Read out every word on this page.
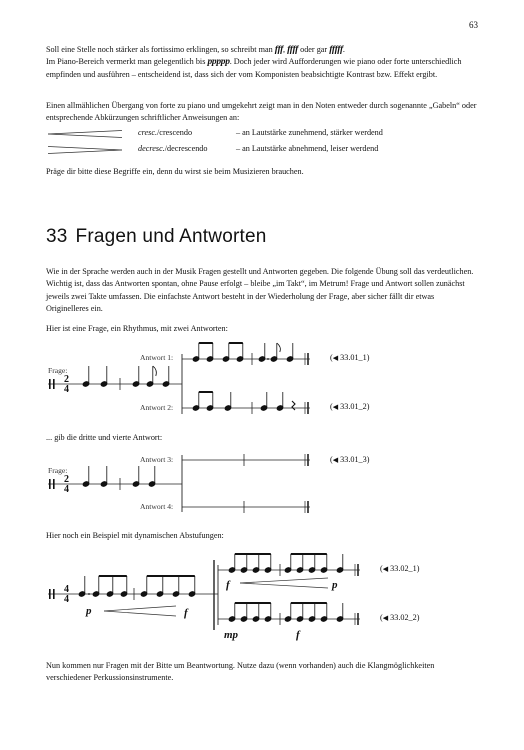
63

Soll eine Stelle noch stärker als fortissimo erklingen, so schreibt man fff, ffff oder gar fffff.
Im Piano-Bereich vermerkt man gelegentlich bis ppppp. Doch jeder wird Aufforderungen wie piano oder forte unterschiedlich empfinden und ausführen – entscheidend ist, dass sich der vom Komponisten beabsichtigte Kontrast bzw. Effekt ergibt.

Einen allmählichen Übergang von forte zu piano und umgekehrt zeigt man in den Noten entweder durch sogenannte „Gabeln“ oder entsprechende Abkürzungen schriftlicher Anweisungen an:

cresc./crescendo	– an Lautstärke zunehmend, stärker werdend
decresc./decrescendo	– an Lautstärke abnehmend, leiser werdend

Präge dir bitte diese Begriffe ein, denn du wirst sie beim Musizieren brauchen.

33 Fragen und Antworten

Wie in der Sprache werden auch in der Musik Fragen gestellt und Antworten gegeben. Die folgende Übung soll das verdeutlichen. Wichtig ist, dass das Antworten spontan, ohne Pause erfolgt – bleibe „im Takt“, im Metrum! Frage und Antwort sollen zunächst jeweils zwei Takte umfassen. Die einfachste Antwort besteht in der Wiederholung der Frage, aber sicher fällt dir etwas Originelleres ein.

Hier ist eine Frage, ein Rhythmus, mit zwei Antworten:

2
4
2
4
4
4
p	f
f	p
mp	f
Frage:
Antwort 1:
Antwort 2:
Frage:
Antwort 3:
Antwort 4:
(◀ 33.01_1)
(◀ 33.01_2)
(◀ 33.01_3)
(◀ 33.02_1)
(◀ 33.02_2)

... gib die dritte und vierte Antwort:

Hier noch ein Beispiel mit dynamischen Abstufungen:

Nun kommen nur Fragen mit der Bitte um Beantwortung. Nutze dazu (wenn vorhanden) auch die Klangmöglichkeiten verschiedener Perkussionsinstrumente.
